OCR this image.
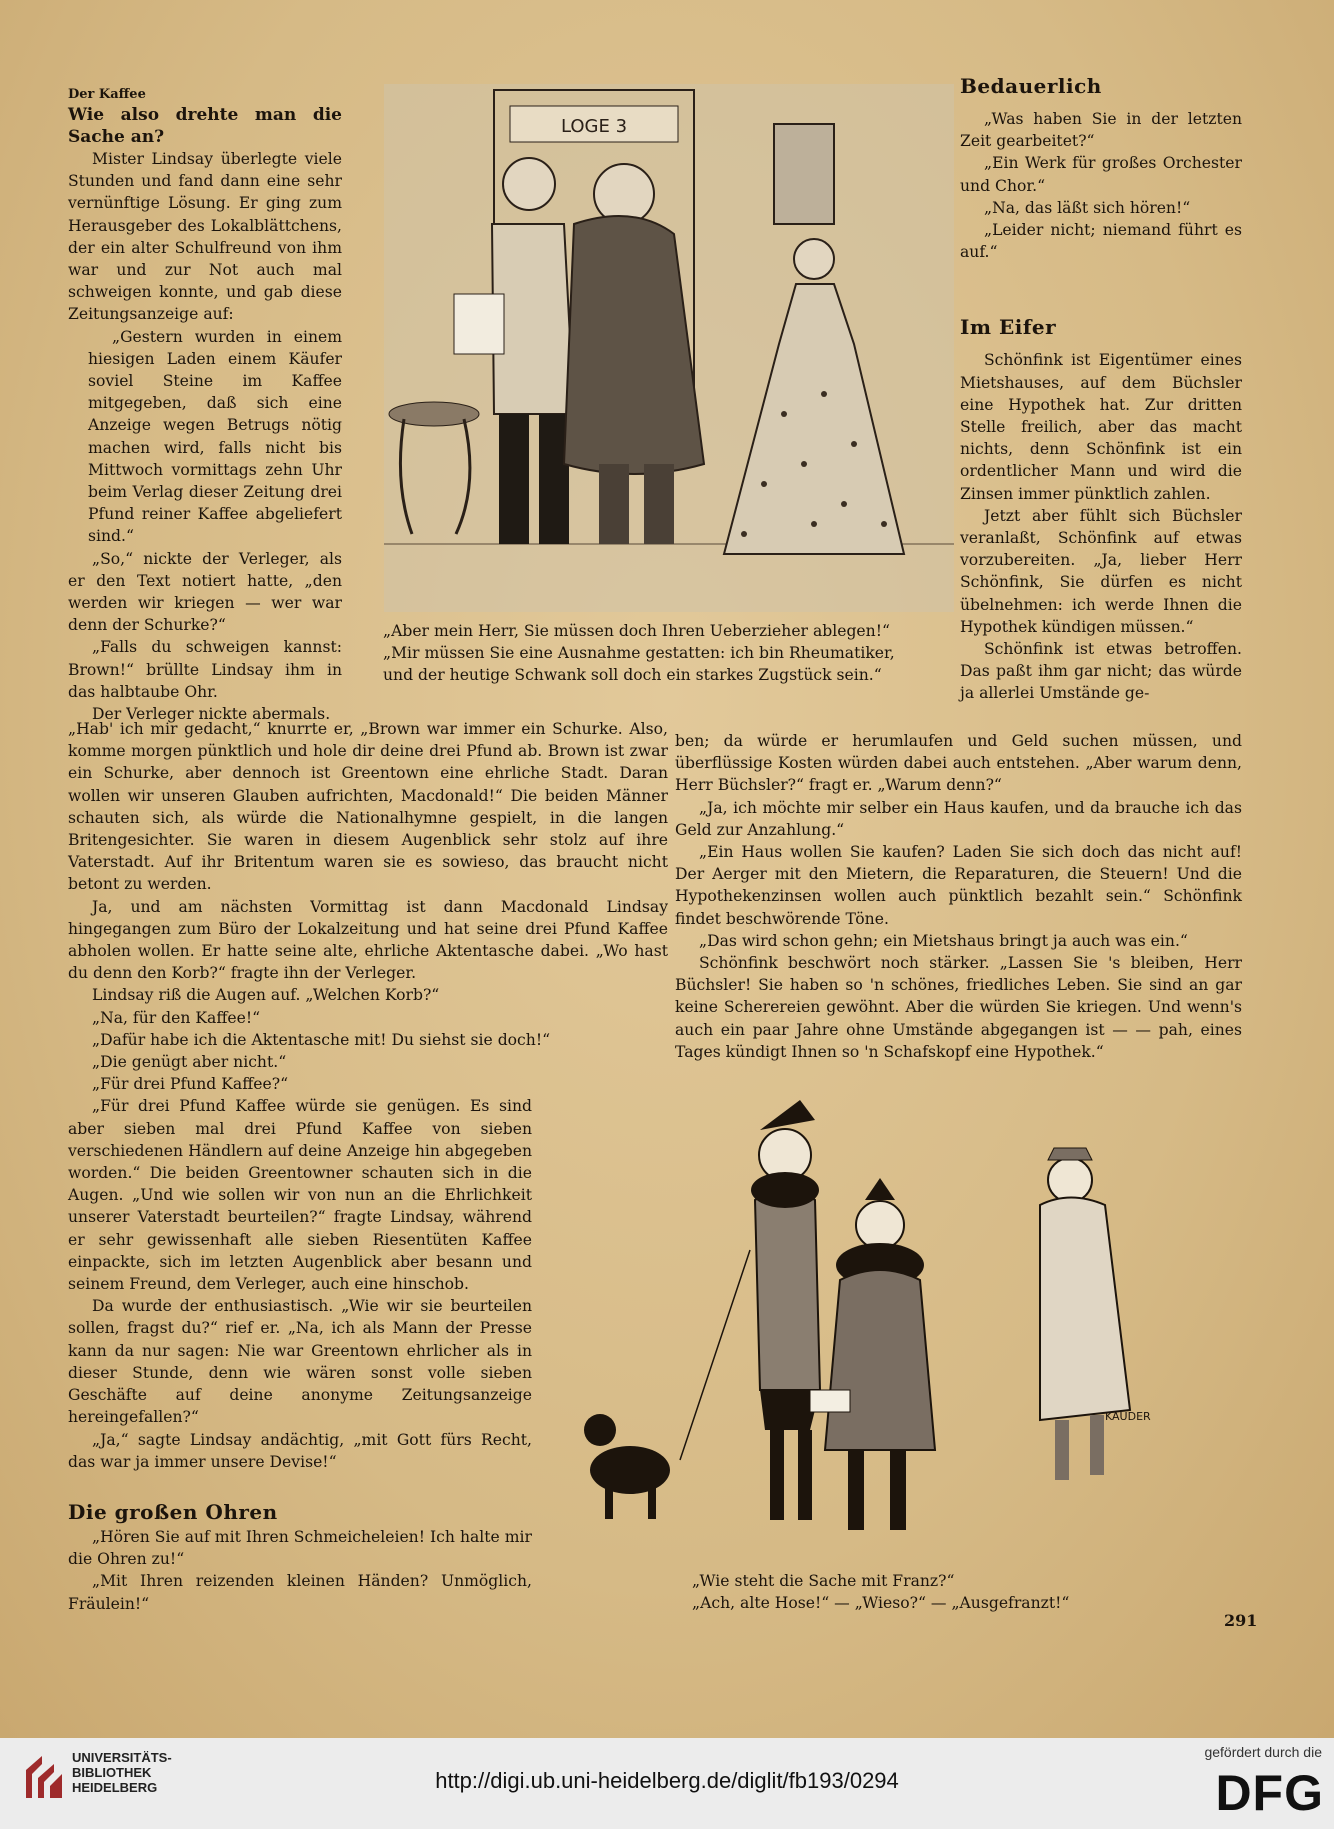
Der Kaffee
Wie also drehte man die Sache an?

Mister Lindsay überlegte viele Stunden und fand dann eine sehr vernünftige Lösung. Er ging zum Herausgeber des Lokalblättchens, der ein alter Schulfreund von ihm war und zur Not auch mal schweigen konnte, und gab diese Zeitungsanzeige auf:

„Gestern wurden in einem hiesigen Laden einem Käufer soviel Steine im Kaffee mitgegeben, daß sich eine Anzeige wegen Betrugs nötig machen wird, falls nicht bis Mittwoch vormittags zehn Uhr beim Verlag dieser Zeitung drei Pfund reiner Kaffee abgeliefert sind.“

„So,“ nickte der Verleger, als er den Text notiert hatte, „den werden wir kriegen — wer war denn der Schurke?“

„Falls du schweigen kannst: Brown!“ brüllte Lindsay ihm in das halbtaube Ohr.

Der Verleger nickte abermals.

LOGE 3
„Aber mein Herr, Sie müssen doch Ihren Ueberzieher ablegen!“
„Mir müssen Sie eine Ausnahme gestatten: ich bin Rheumatiker,
und der heutige Schwank soll doch ein starkes Zugstück sein.“
Bedauerlich

„Was haben Sie in der letzten Zeit gearbeitet?“

„Ein Werk für großes Orchester und Chor.“

„Na, das läßt sich hören!“

„Leider nicht; niemand führt es auf.“

Im Eifer

Schönfink ist Eigentümer eines Mietshauses, auf dem Büchsler eine Hypothek hat. Zur dritten Stelle freilich, aber das macht nichts, denn Schönfink ist ein ordentlicher Mann und wird die Zinsen immer pünktlich zahlen.

Jetzt aber fühlt sich Büchsler veranlaßt, Schönfink auf etwas vorzubereiten. „Ja, lieber Herr Schönfink, Sie dürfen es nicht übelnehmen: ich werde Ihnen die Hypothek kündigen müssen.“

Schönfink ist etwas betroffen. Das paßt ihm gar nicht; das würde ja allerlei Umstände ge-

„Hab' ich mir gedacht,“ knurrte er, „Brown war immer ein Schurke. Also, komme morgen pünktlich und hole dir deine drei Pfund ab. Brown ist zwar ein Schurke, aber dennoch ist Greentown eine ehrliche Stadt. Daran wollen wir unseren Glauben aufrichten, Macdonald!“ Die beiden Männer schauten sich, als würde die Nationalhymne gespielt, in die langen Britengesichter. Sie waren in diesem Augenblick sehr stolz auf ihre Vaterstadt. Auf ihr Britentum waren sie es sowieso, das braucht nicht betont zu werden.

Ja, und am nächsten Vormittag ist dann Macdonald Lindsay hingegangen zum Büro der Lokalzeitung und hat seine drei Pfund Kaffee abholen wollen. Er hatte seine alte, ehrliche Aktentasche dabei. „Wo hast du denn den Korb?“ fragte ihn der Verleger.

Lindsay riß die Augen auf. „Welchen Korb?“

„Na, für den Kaffee!“

„Dafür habe ich die Aktentasche mit! Du siehst sie doch!“

„Die genügt aber nicht.“

„Für drei Pfund Kaffee?“

„Für drei Pfund Kaffee würde sie genügen. Es sind aber sieben mal drei Pfund Kaffee von sieben verschiedenen Händlern auf deine Anzeige hin abgegeben worden.“ Die beiden Greentowner schauten sich in die Augen. „Und wie sollen wir von nun an die Ehrlichkeit unserer Vaterstadt beurteilen?“ fragte Lindsay, während er sehr gewissenhaft alle sieben Riesentüten Kaffee einpackte, sich im letzten Augenblick aber besann und seinem Freund, dem Verleger, auch eine hinschob.

Da wurde der enthusiastisch. „Wie wir sie beurteilen sollen, fragst du?“ rief er. „Na, ich als Mann der Presse kann da nur sagen: Nie war Greentown ehrlicher als in dieser Stunde, denn wie wären sonst volle sieben Geschäfte auf deine anonyme Zeitungsanzeige hereingefallen?“

„Ja,“ sagte Lindsay andächtig, „mit Gott fürs Recht, das war ja immer unsere Devise!“

ben; da würde er herumlaufen und Geld suchen müssen, und überflüssige Kosten würden dabei auch entstehen. „Aber warum denn, Herr Büchsler?“ fragt er. „Warum denn?“

„Ja, ich möchte mir selber ein Haus kaufen, und da brauche ich das Geld zur Anzahlung.“

„Ein Haus wollen Sie kaufen? Laden Sie sich doch das nicht auf! Der Aerger mit den Mietern, die Reparaturen, die Steuern! Und die Hypothekenzinsen wollen auch pünktlich bezahlt sein.“ Schönfink findet beschwörende Töne.

„Das wird schon gehn; ein Mietshaus bringt ja auch was ein.“

Schönfink beschwört noch stärker. „Lassen Sie 's bleiben, Herr Büchsler! Sie haben so 'n schönes, friedliches Leben. Sie sind an gar keine Scherereien gewöhnt. Aber die würden Sie kriegen. Und wenn's auch ein paar Jahre ohne Umstände abgegangen ist — — pah, eines Tages kündigt Ihnen so 'n Schafskopf eine Hypothek.“

Die großen Ohren

„Hören Sie auf mit Ihren Schmeicheleien! Ich halte mir die Ohren zu!“

„Mit Ihren reizenden kleinen Händen? Unmöglich, Fräulein!“

KAUDER
„Wie steht die Sache mit Franz?“
„Ach, alte Hose!“ — „Wieso?“ — „Ausgefranzt!“
291
UNIVERSITÄTS-
BIBLIOTHEK
HEIDELBERG	http://digi.ub.uni-heidelberg.de/diglit/fb193/0294
gefördert durch die
DFG
